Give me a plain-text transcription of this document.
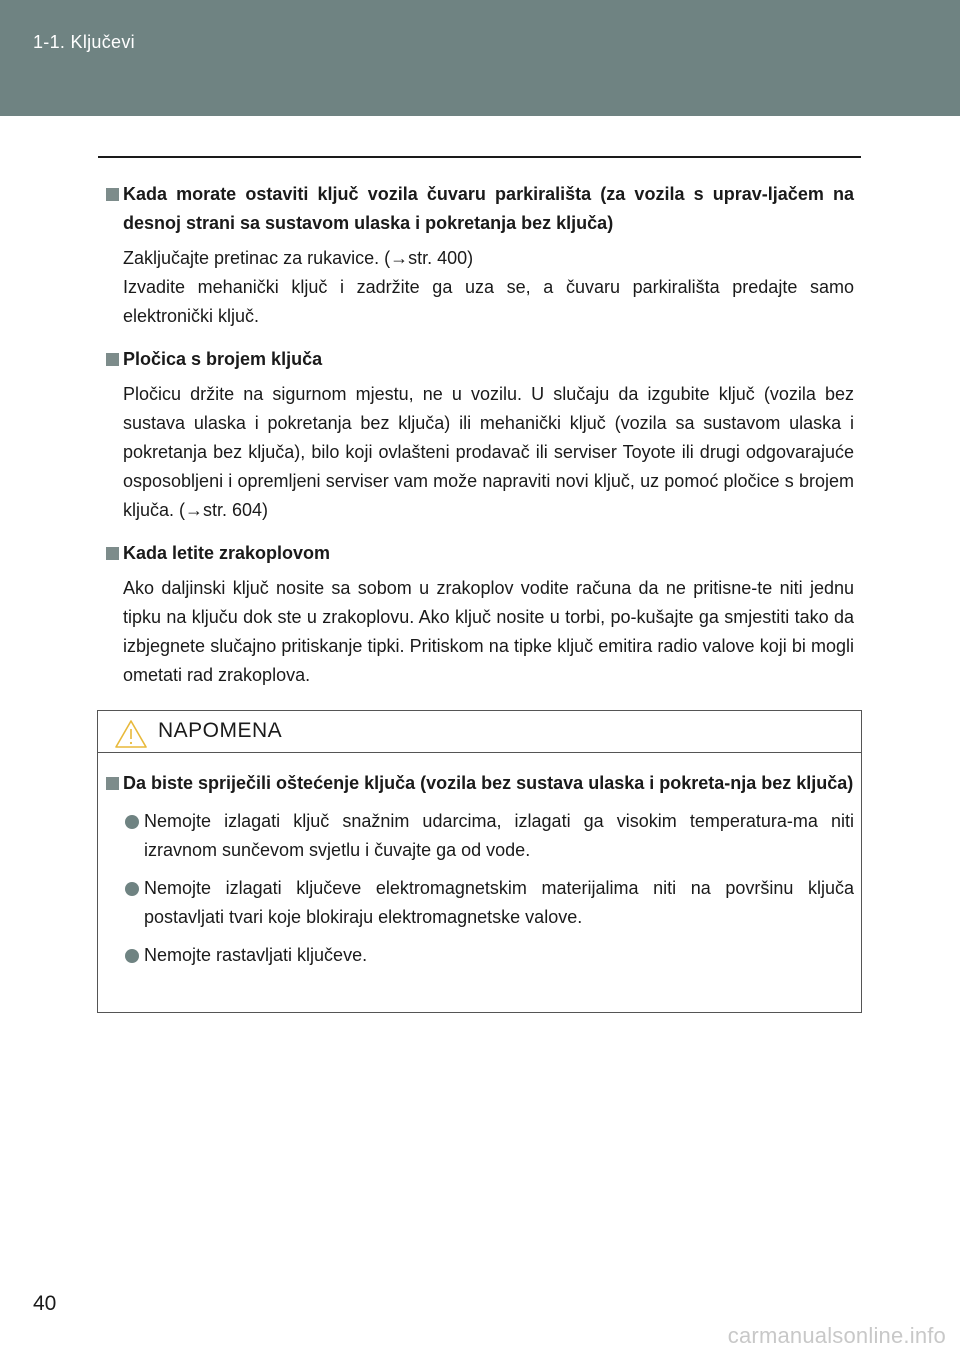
1-1. Ključevi
Kada morate ostaviti ključ vozila čuvaru parkirališta (za vozila s uprav-ljačem na desnoj strani sa sustavom ulaska i pokretanja bez ključa)
Zaključajte pretinac za rukavice. (→str. 400)
Izvadite mehanički ključ i zadržite ga uza se, a čuvaru parkirališta predajte samo elektronički ključ.
Pločica s brojem ključa
Pločicu držite na sigurnom mjestu, ne u vozilu. U slučaju da izgubite ključ (vozila bez sustava ulaska i pokretanja bez ključa) ili mehanički ključ (vozila sa sustavom ulaska i pokretanja bez ključa), bilo koji ovlašteni prodavač ili serviser Toyote ili drugi odgovarajuće osposobljeni i opremljeni serviser vam može napraviti novi ključ, uz pomoć pločice s brojem ključa. (→str. 604)
Kada letite zrakoplovom
Ako daljinski ključ nosite sa sobom u zrakoplov vodite računa da ne pritisne-te niti jednu tipku na ključu dok ste u zrakoplovu. Ako ključ nosite u torbi, po-kušajte ga smjestiti tako da izbjegnete slučajno pritiskanje tipki. Pritiskom na tipke ključ emitira radio valove koji bi mogli ometati rad zrakoplova.
NAPOMENA
Da biste spriječili oštećenje ključa (vozila bez sustava ulaska i pokreta-nja bez ključa)
Nemojte izlagati ključ snažnim udarcima, izlagati ga visokim temperatura-ma niti izravnom sunčevom svjetlu i čuvajte ga od vode.
Nemojte izlagati ključeve elektromagnetskim materijalima niti na površinu ključa postavljati tvari koje blokiraju elektromagnetske valove.
Nemojte rastavljati ključeve.
40
carmanualsonline.info
